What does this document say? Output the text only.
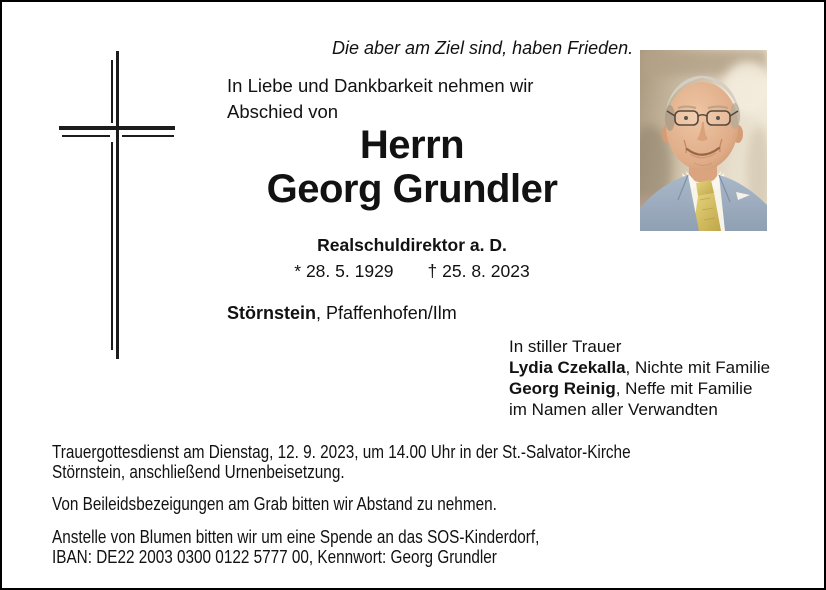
Die aber am Ziel sind, haben Frieden.
In Liebe und Dankbarkeit nehmen wir
Abschied von
Herrn
Georg Grundler
Realschuldirektor a. D.
* 28. 5. 1929 † 25. 8. 2023
Störnstein, Pfaffenhofen/Ilm
In stiller Trauer
Lydia Czekalla, Nichte mit Familie
Georg Reinig, Neffe mit Familie
im Namen aller Verwandten
Trauergottesdienst am Dienstag, 12. 9. 2023, um 14.00 Uhr in der St.-Salvator-Kirche
Störnstein, anschließend Urnenbeisetzung.
Von Beileidsbezeigungen am Grab bitten wir Abstand zu nehmen.
Anstelle von Blumen bitten wir um eine Spende an das SOS-Kinderdorf,
IBAN: DE22 2003 0300 0122 5777 00, Kennwort: Georg Grundler
